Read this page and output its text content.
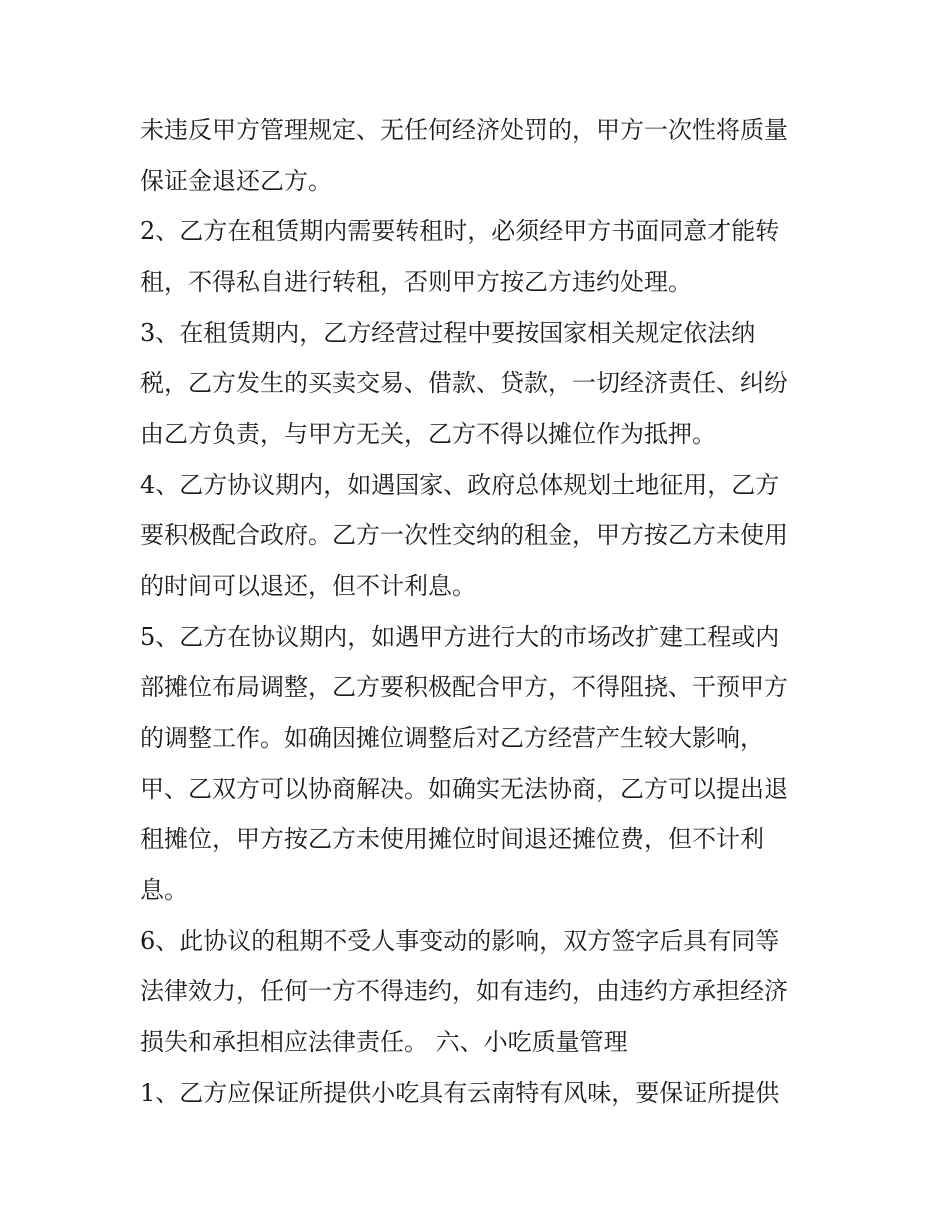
未违反甲方管理规定、无任何经济处罚的，甲方一次性将质量
保证金退还乙方。
2、乙方在租赁期内需要转租时，必须经甲方书面同意才能转
租，不得私自进行转租，否则甲方按乙方违约处理。
3、在租赁期内，乙方经营过程中要按国家相关规定依法纳
税，乙方发生的买卖交易、借款、贷款，一切经济责任、纠纷
由乙方负责，与甲方无关，乙方不得以摊位作为抵押。
4、乙方协议期内，如遇国家、政府总体规划土地征用，乙方
要积极配合政府。乙方一次性交纳的租金，甲方按乙方未使用
的时间可以退还，但不计利息。
5、乙方在协议期内，如遇甲方进行大的市场改扩建工程或内
部摊位布局调整，乙方要积极配合甲方，不得阻挠、干预甲方
的调整工作。如确因摊位调整后对乙方经营产生较大影响，
甲、乙双方可以协商解决。如确实无法协商，乙方可以提出退
租摊位，甲方按乙方未使用摊位时间退还摊位费，但不计利
息。
6、此协议的租期不受人事变动的影响，双方签字后具有同等
法律效力，任何一方不得违约，如有违约，由违约方承担经济
损失和承担相应法律责任。 六、小吃质量管理
1、乙方应保证所提供小吃具有云南特有风味，要保证所提供
